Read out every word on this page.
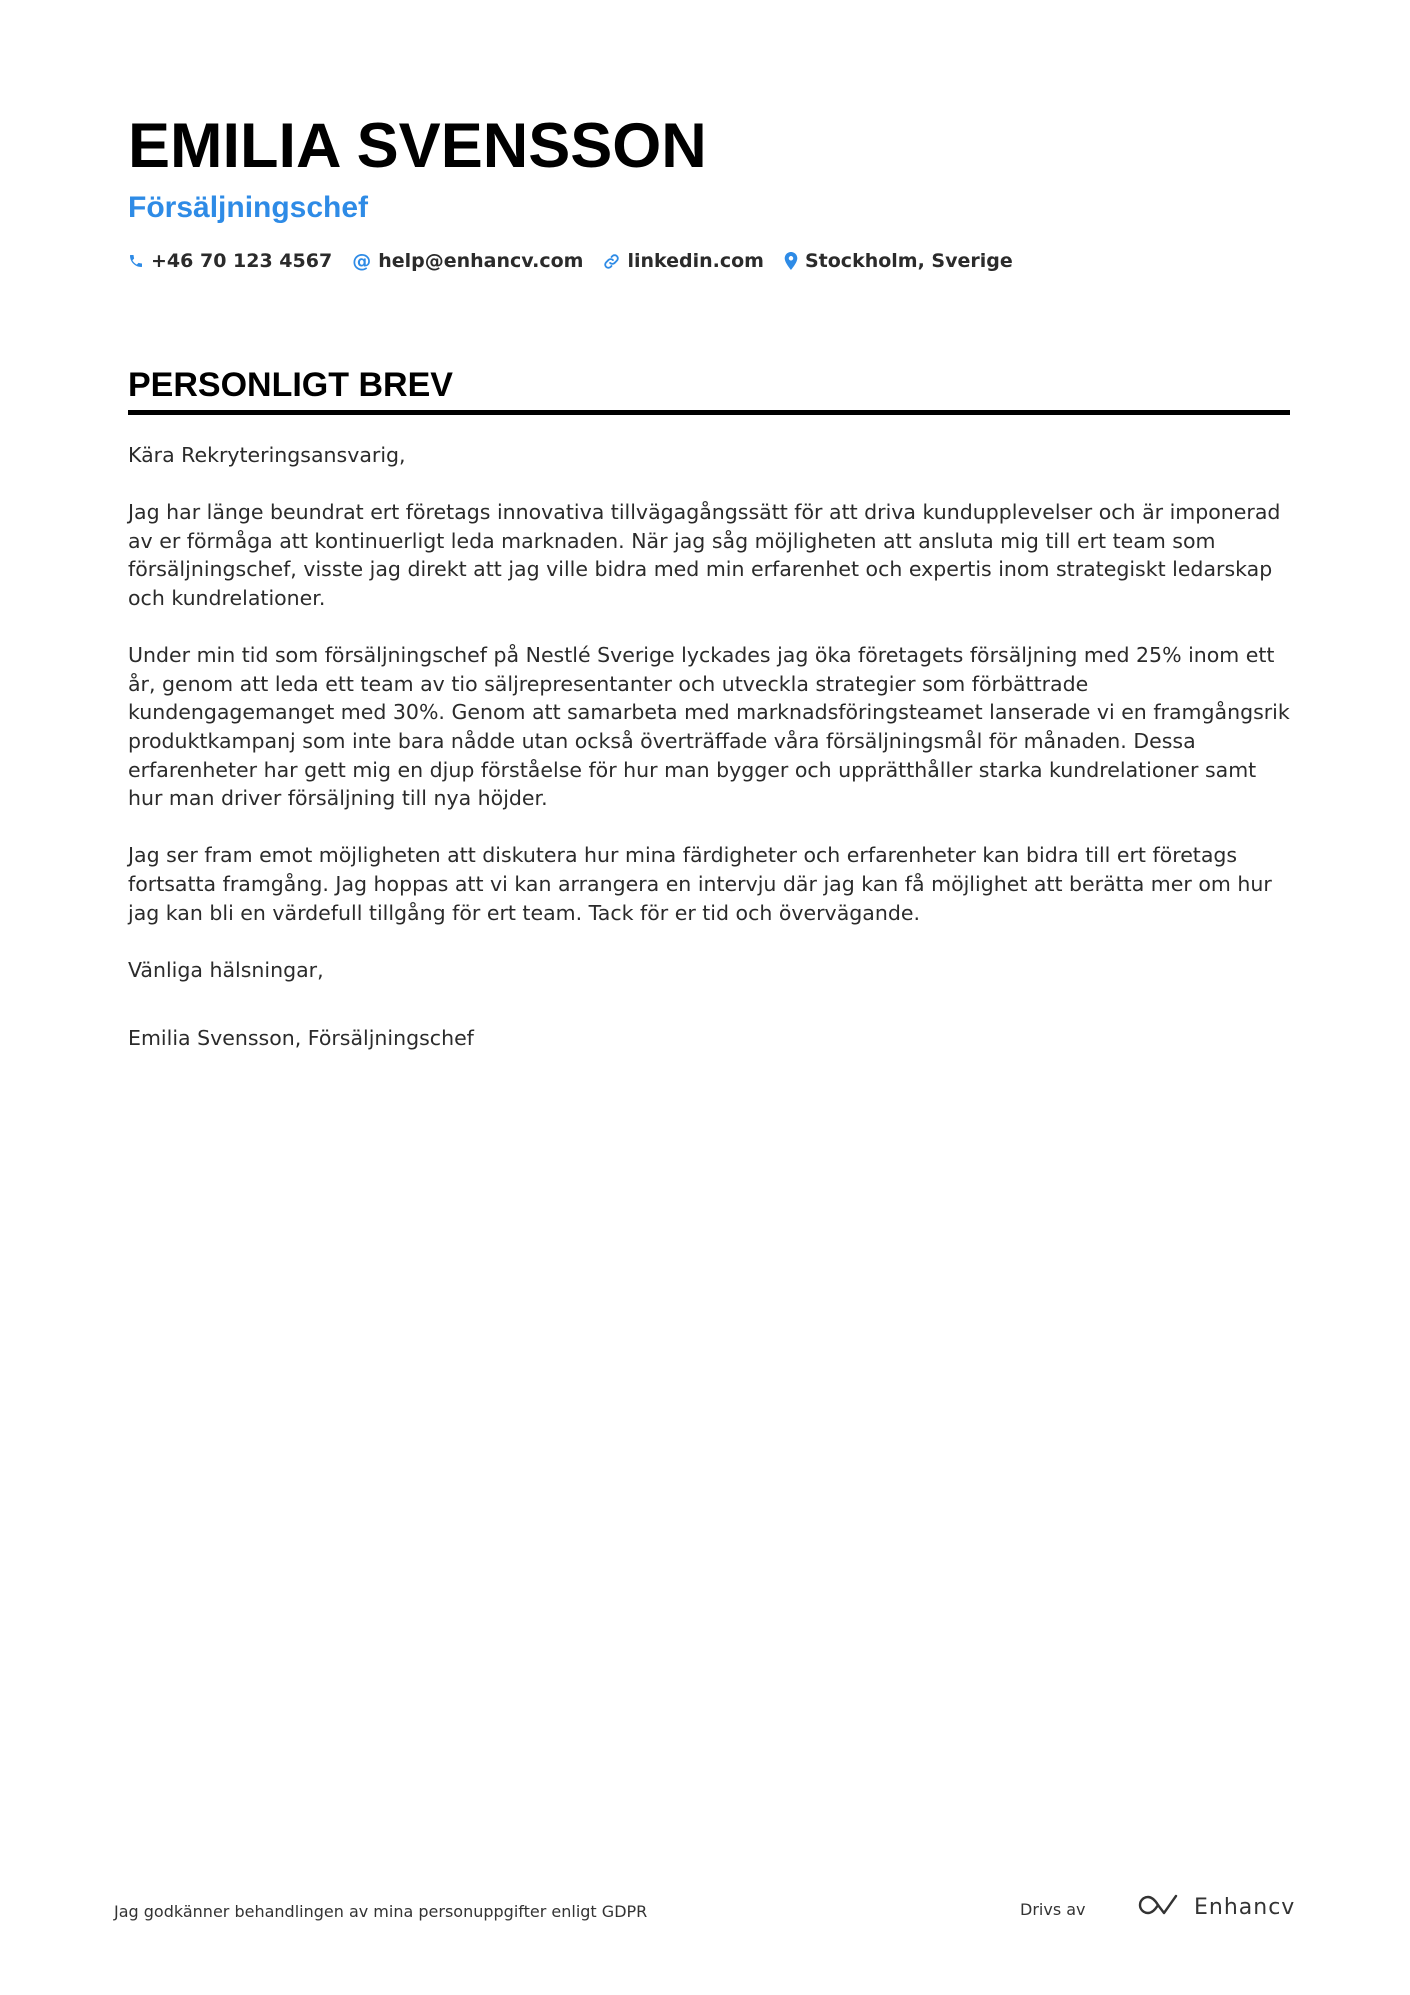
EMILIA SVENSSON
Försäljningschef
+46 70 123 4567 @ help@enhancv.com linkedin.com Stockholm, Sverige
PERSONLIGT BREV

Kära Rekryteringsansvarig,

Jag har länge beundrat ert företags innovativa tillvägagångssätt för att driva kundupplevelser och är imponerad av er förmåga att kontinuerligt leda marknaden. När jag såg möjligheten att ansluta mig till ert team som försäljningschef, visste jag direkt att jag ville bidra med min erfarenhet och expertis inom strategiskt ledarskap och kundrelationer.

Under min tid som försäljningschef på Nestlé Sverige lyckades jag öka företagets försäljning med 25% inom ett år, genom att leda ett team av tio säljrepresentanter och utveckla strategier som förbättrade kundengagemanget med 30%. Genom att samarbeta med marknadsföringsteamet lanserade vi en framgångsrik produktkampanj som inte bara nådde utan också överträffade våra försäljningsmål för månaden. Dessa erfarenheter har gett mig en djup förståelse för hur man bygger och upprätthåller starka kundrelationer samt hur man driver försäljning till nya höjder.

Jag ser fram emot möjligheten att diskutera hur mina färdigheter och erfarenheter kan bidra till ert företags fortsatta framgång. Jag hoppas att vi kan arrangera en intervju där jag kan få möjlighet att berätta mer om hur jag kan bli en värdefull tillgång för ert team. Tack för er tid och övervägande.

Vänliga hälsningar,

Emilia Svensson, Försäljningschef

Jag godkänner behandlingen av mina personuppgifter enligt GDPR	Drivs av	Enhancv
